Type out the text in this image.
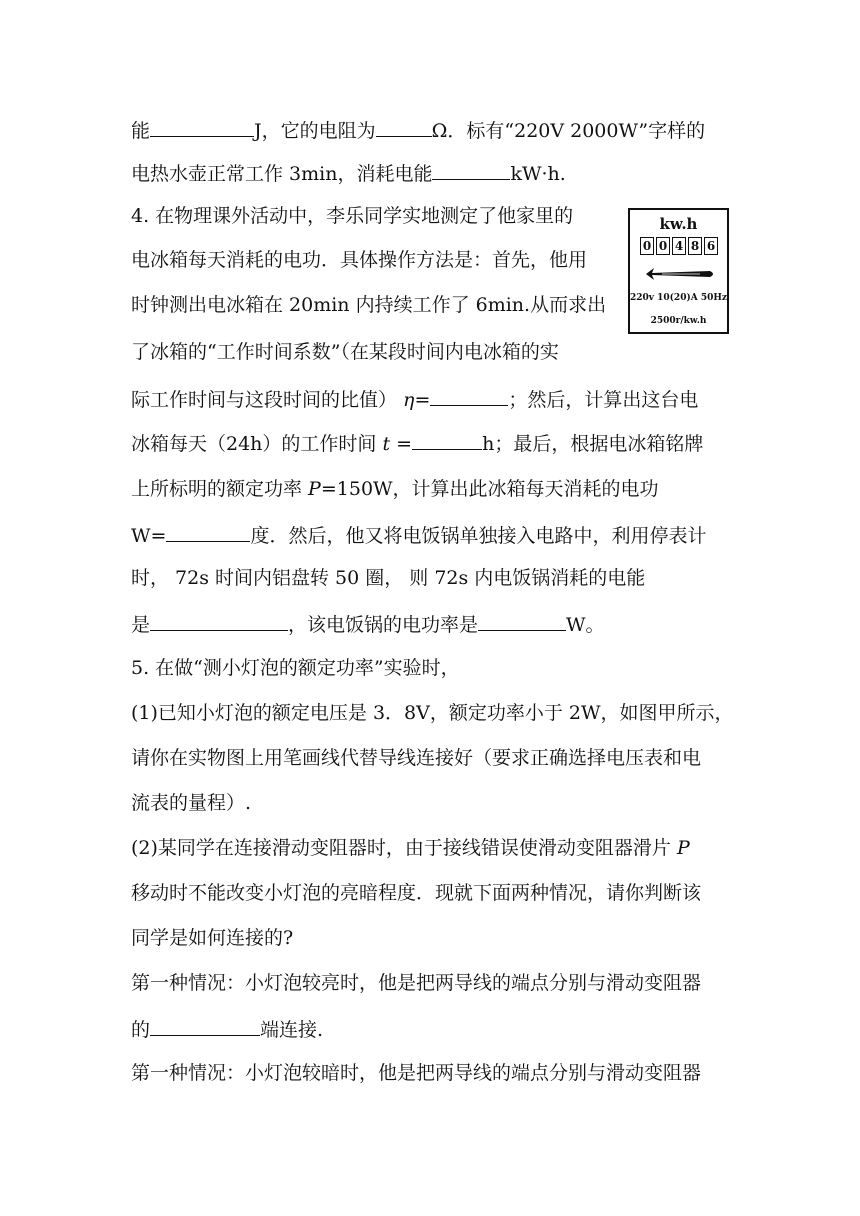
能	J，它的电阻为	Ω．标有“220V 2000W”字样的
电热水壶正常工作 3min，消耗电能	kW·h.
4. 在物理课外活动中，李乐同学实地测定了他家里的
电冰箱每天消耗的电功．具体操作方法是：首先，他用
时钟测出电冰箱在 20min 内持续工作了 6min.从而求出
了冰箱的“工作时间系数”（在某段时间内电冰箱的实
际工作时间与这段时间的比值） η=	；然后，计算出这台电
冰箱每天（24h）的工作时间 t =	h；最后，根据电冰箱铭牌
上所标明的额定功率 P=150W，计算出此冰箱每天消耗的电功
W=	度．然后，他又将电饭锅单独接入电路中，利用停表计
时， 72s 时间内铝盘转 50 圈， 则 72s 内电饭锅消耗的电能
是	，该电饭锅的电功率是	W。
5. 在做“测小灯泡的额定功率”实验时，
(1)已知小灯泡的额定电压是 3．8V，额定功率小于 2W，如图甲所示，
请你在实物图上用笔画线代替导线连接好（要求正确选择电压表和电
流表的量程）.
(2)某同学在连接滑动变阻器时，由于接线错误使滑动变阻器滑片 P
移动时不能改变小灯泡的亮暗程度．现就下面两种情况，请你判断该
同学是如何连接的?
第一种情况：小灯泡较亮时，他是把两导线的端点分别与滑动变阻器
的	端连接.
第一种情况：小灯泡较暗时，他是把两导线的端点分别与滑动变阻器
kw.h
0 0 4 8 6
220v 10(20)A 50Hz
2500r/kw.h
